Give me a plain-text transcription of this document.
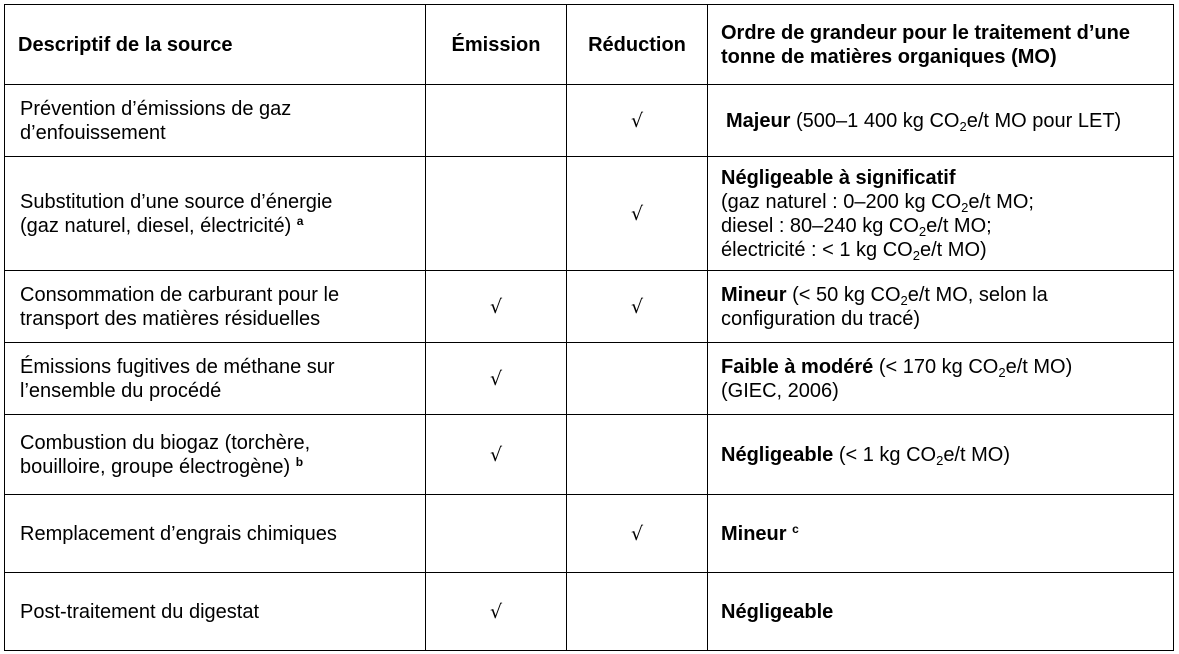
Descriptif de la source	Émission	Réduction	Ordre de grandeur pour le traitement d’une tonne de matières organiques (MO)

Prévention d’émissions de gaz
d’enfouissement		√	Majeur (500–1 400 kg $CO_2e/t$ MO pour LET)

Substitution d’une source d’énergie
(gaz naturel, diesel, électricité) $^a$		√	Négligeable à significatif
(gaz naturel : 0–200 kg $CO_2e/t$ MO;
diesel : 80–240 kg $CO_2e/t$ MO;
électricité : < 1 kg $CO_2e/t$ MO)

Consommation de carburant pour le
transport des matières résiduelles	√	√	Mineur (< 50 kg $CO_2e/t$ MO, selon la
configuration du tracé)

Émissions fugitives de méthane sur
l’ensemble du procédé	√		Faible à modéré (< 170 kg $CO_2e/t$ MO)
(GIEC, 2006)

Combustion du biogaz (torchère,
bouilloire, groupe électrogène) $^b$	√		Négligeable (< 1 kg $CO_2e/t$ MO)

Remplacement d’engrais chimiques		√	Mineur $^c$

Post-traitement du digestat	√		Négligeable
